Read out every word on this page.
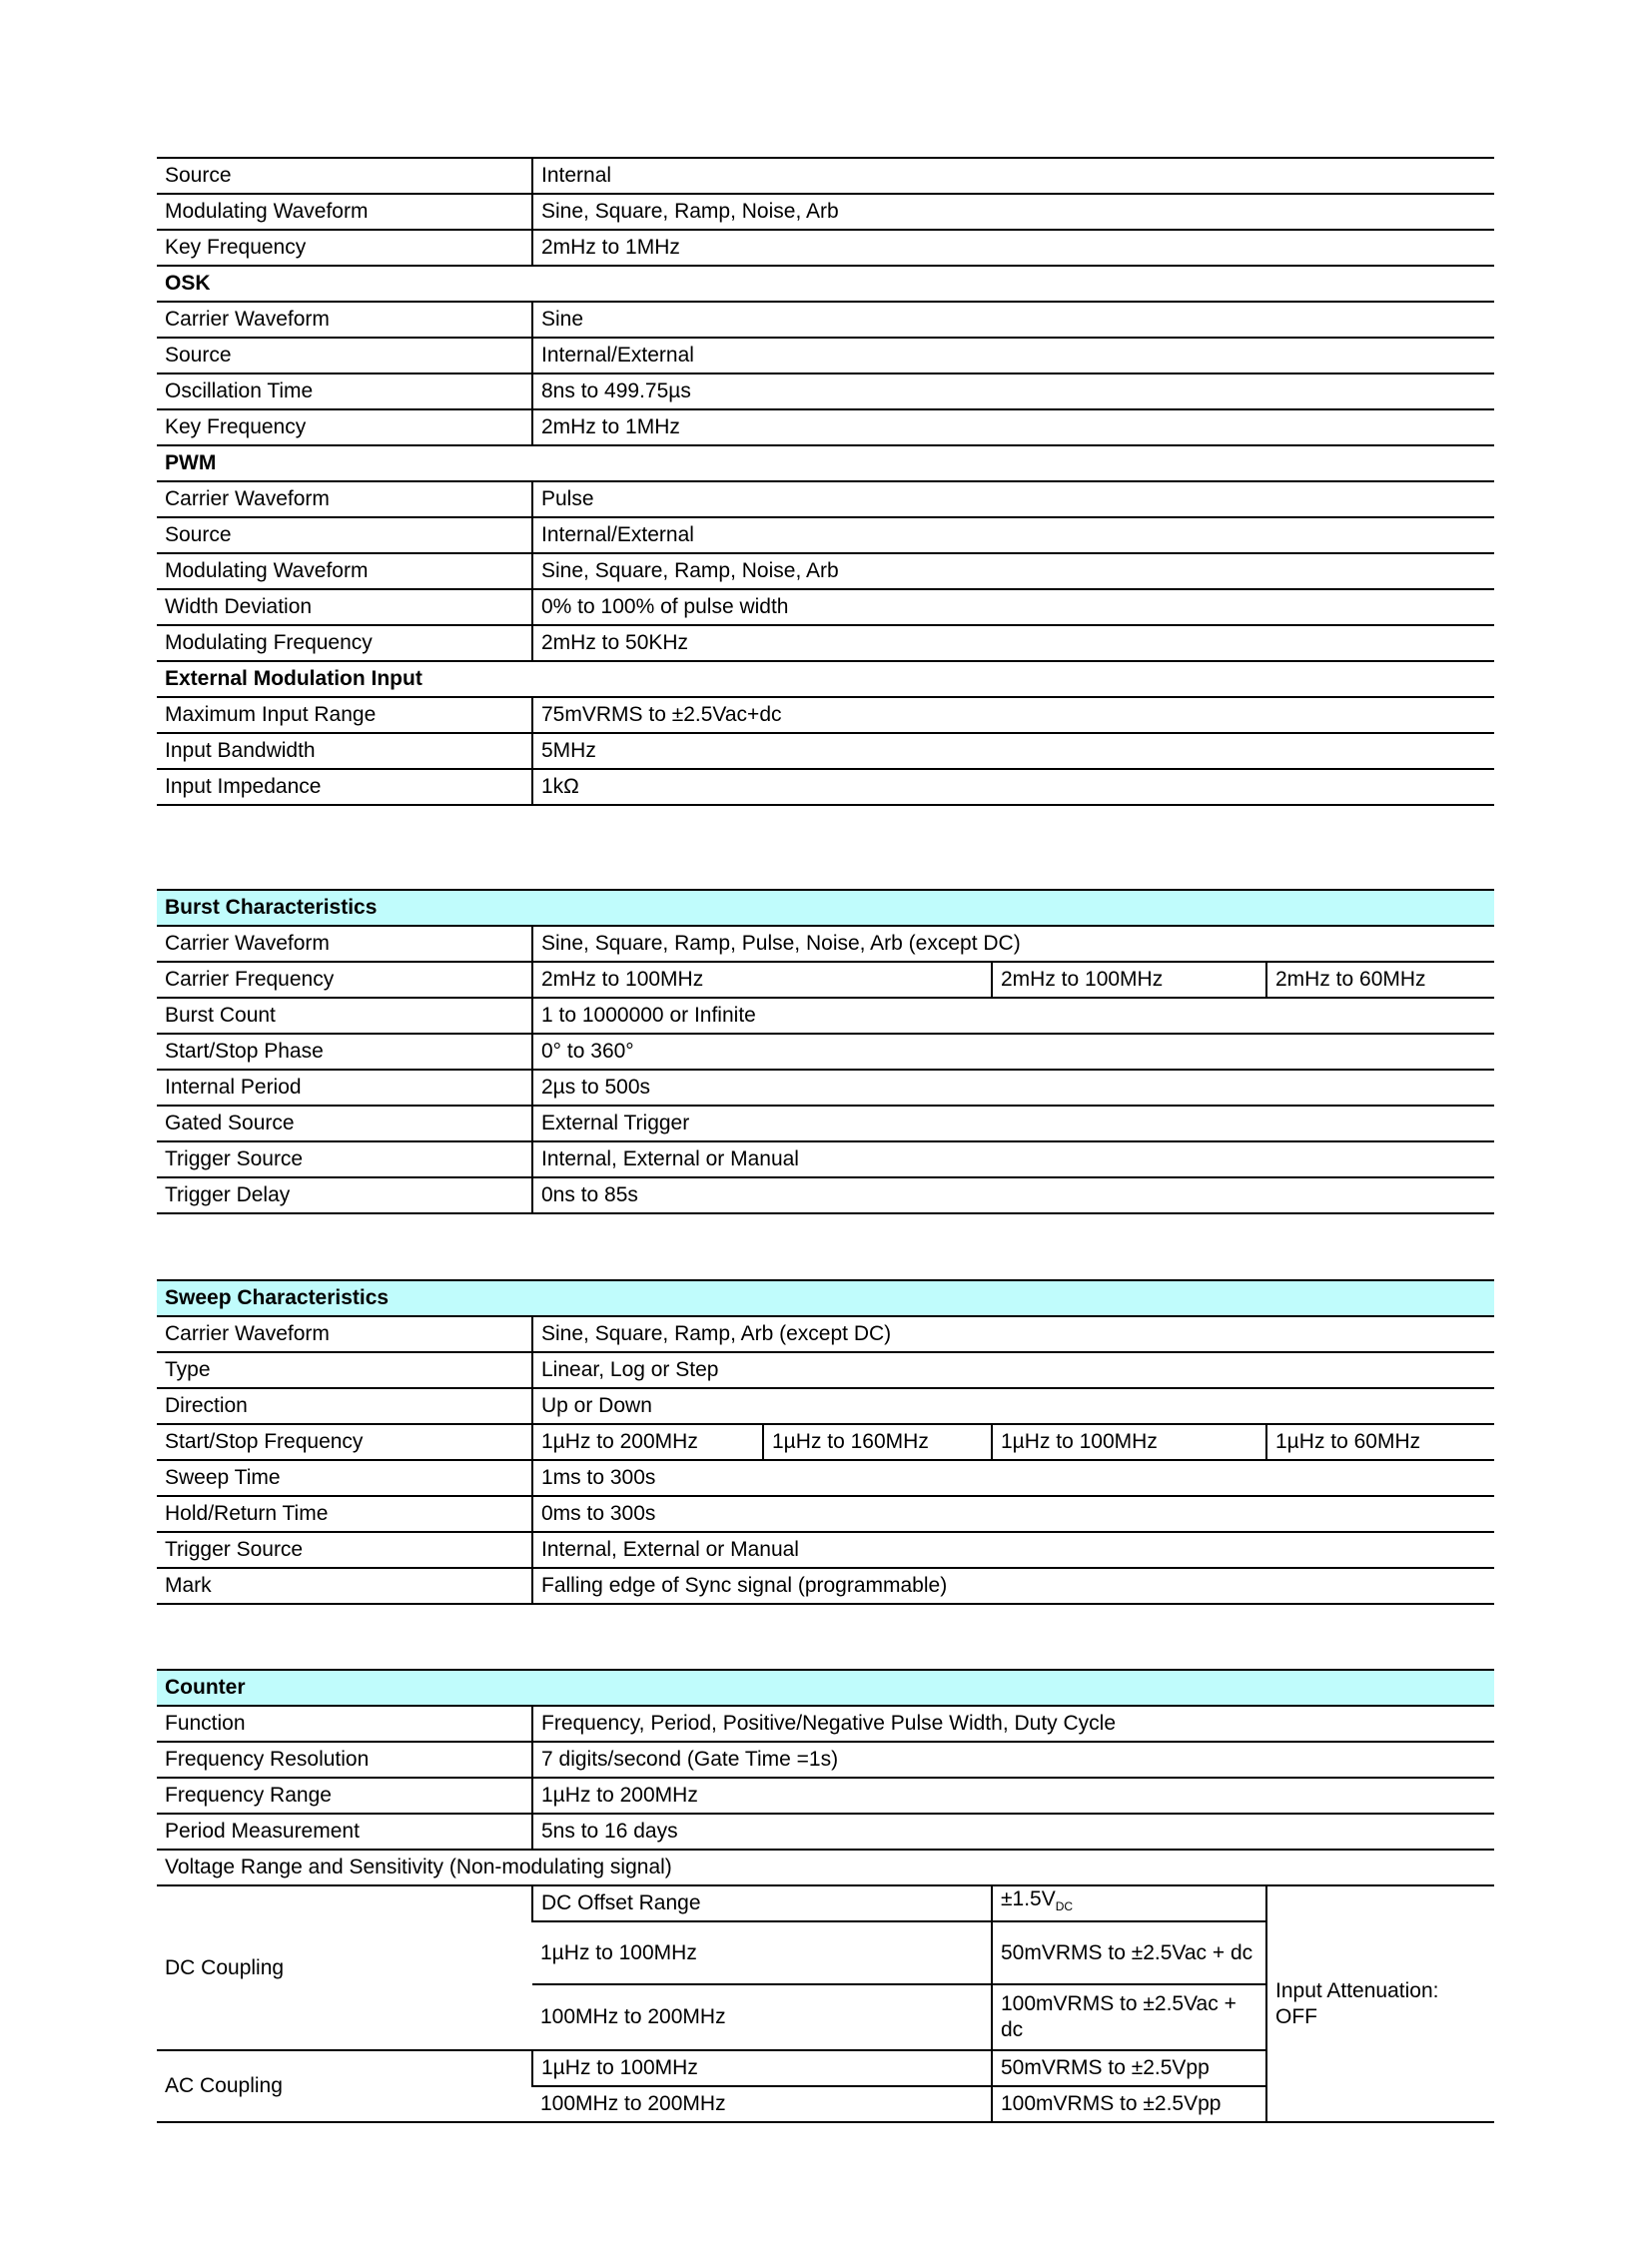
Source	Internal
Modulating Waveform	Sine, Square, Ramp, Noise, Arb
Key Frequency	2mHz to 1MHz
OSK	
Carrier Waveform	Sine
Source	Internal/External
Oscillation Time	8ns to 499.75µs
Key Frequency	2mHz to 1MHz
PWM	
Carrier Waveform	Pulse
Source	Internal/External
Modulating Waveform	Sine, Square, Ramp, Noise, Arb
Width Deviation	0% to 100% of pulse width
Modulating Frequency	2mHz to 50KHz
External Modulation Input	
Maximum Input Range	75mVRMS to ±2.5Vac+dc
Input Bandwidth	5MHz
Input Impedance	1kΩ
Burst Characteristics			
Carrier Waveform	Sine, Square, Ramp, Pulse, Noise, Arb (except DC)		
Carrier Frequency	2mHz to 100MHz	2mHz to 100MHz	2mHz to 60MHz
Burst Count	1 to 1000000 or Infinite		
Start/Stop Phase	0° to 360°		
Internal Period	2µs to 500s		
Gated Source	External Trigger		
Trigger Source	Internal, External or Manual		
Trigger Delay	0ns to 85s		
Sweep Characteristics				
Carrier Waveform	Sine, Square, Ramp, Arb (except DC)			
Type	Linear, Log or Step			
Direction	Up or Down			
Start/Stop Frequency	1µHz to 200MHz	1µHz to 160MHz	1µHz to 100MHz	1µHz to 60MHz
Sweep Time	1ms to 300s			
Hold/Return Time	0ms to 300s			
Trigger Source	Internal, External or Manual			
Mark	Falling edge of Sync signal (programmable)			
Counter			
Function	Frequency, Period, Positive/Negative Pulse Width, Duty Cycle		
Frequency Resolution	7 digits/second (Gate Time =1s)		
Frequency Range	1µHz to 200MHz		
Period Measurement	5ns to 16 days		
Voltage Range and Sensitivity (Non-modulating signal)			
DC Coupling	DC Offset Range	$\pm 1.5V_{DC}$	Input Attenuation: OFF
	1µHz to 100MHz	50mVRMS to ±2.5Vac + dc	
	100MHz to 200MHz	100mVRMS to ±2.5Vac + dc	
AC Coupling	1µHz to 100MHz	50mVRMS to ±2.5Vpp	
	100MHz to 200MHz	100mVRMS to ±2.5Vpp	
